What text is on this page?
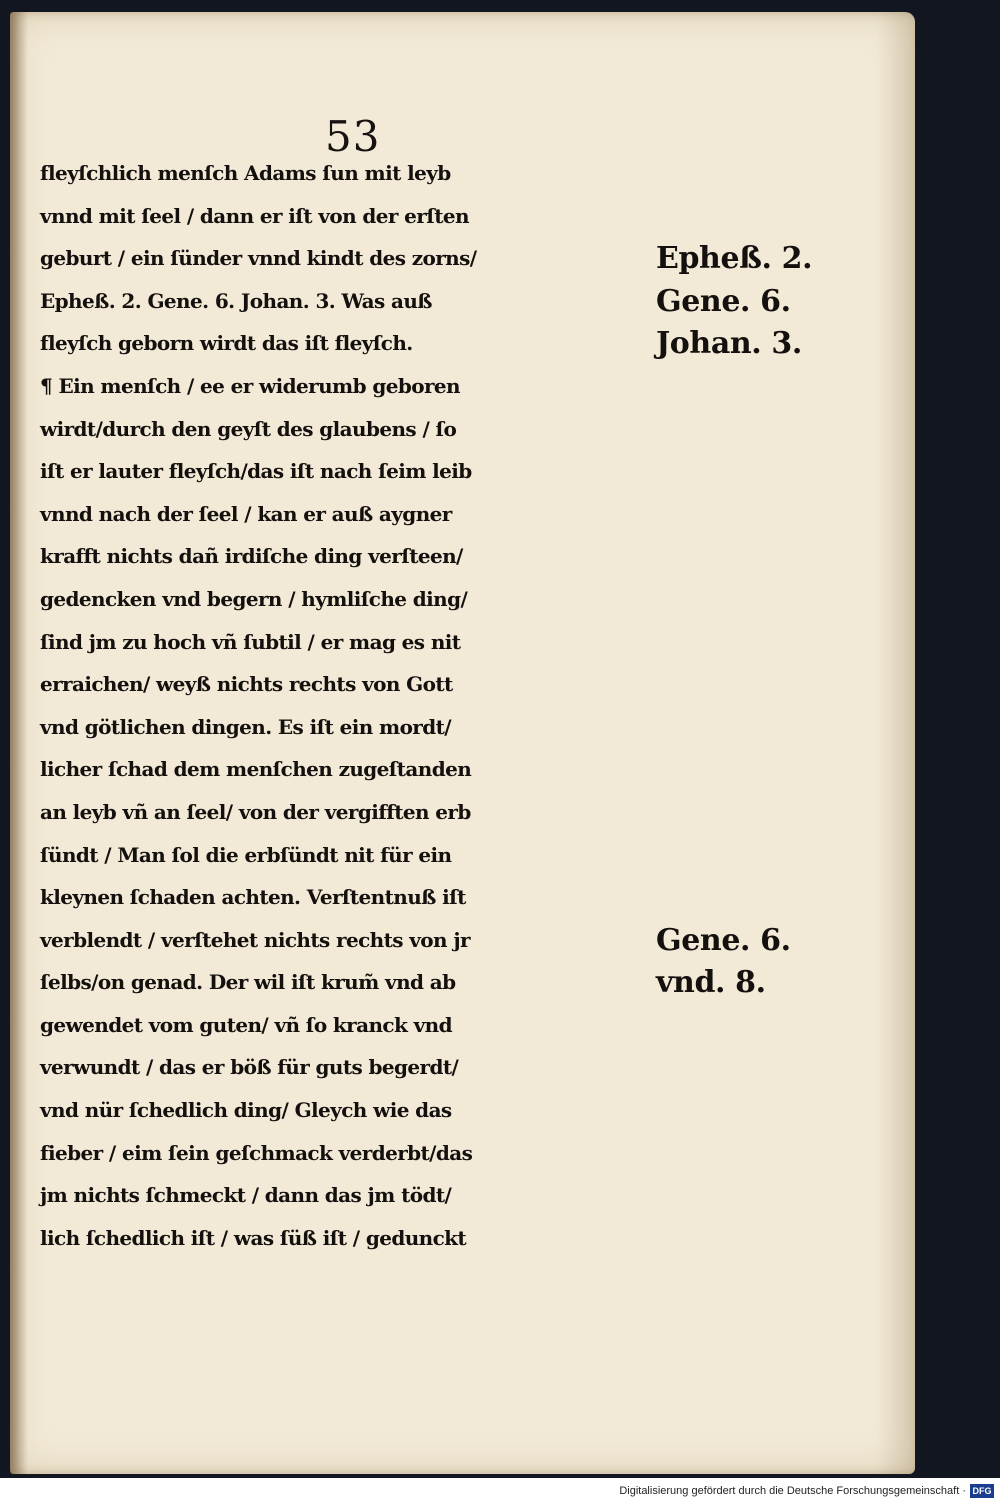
53
fleyſchlich menſch Adams ſun mit leyb
vnnd mit ſeel / dann er iſt von der erſten
geburt / ein ſünder vnnd kindt des zorns/
Epheß. 2. Gene. 6. Johan. 3. Was auß
fleyſch geborn wirdt das iſt fleyſch.
¶ Ein menſch / ee er widerumb geboren
wirdt/durch den geyſt des glaubens / ſo
iſt er lauter fleyſch/das iſt nach ſeim leib
vnnd nach der ſeel / kan er auß aygner
krafft nichts dañ irdiſche ding verſteen/
gedencken vnd begern / hymliſche ding/
ſind jm zu hoch vñ ſubtil / er mag es nit
erraichen/ weyß nichts rechts von Gott
vnd götlichen dingen. Es iſt ein mordt/
licher ſchad dem menſchen zugeſtanden
an leyb vñ an ſeel/ von der vergifften erb
ſündt / Man ſol die erbſündt nit für ein
kleynen ſchaden achten. Verſtentnuß iſt
verblendt / verſtehet nichts rechts von jr
ſelbs/on genad. Der wil iſt krum̃ vnd ab
gewendet vom guten/ vñ ſo kranck vnd
verwundt / das er böß für guts begerdt/
vnd nür ſchedlich ding/ Gleych wie das
fieber / eim ſein geſchmack verderbt/das
jm nichts ſchmeckt / dann das jm tödt/
lich ſchedlich iſt / was ſüß iſt / gedunckt
Epheß. 2.
Gene. 6.
Johan. 3.
Gene. 6.
vnd. 8.
Digitalisierung gefördert durch die Deutsche Forschungsgemeinschaft · DFG
